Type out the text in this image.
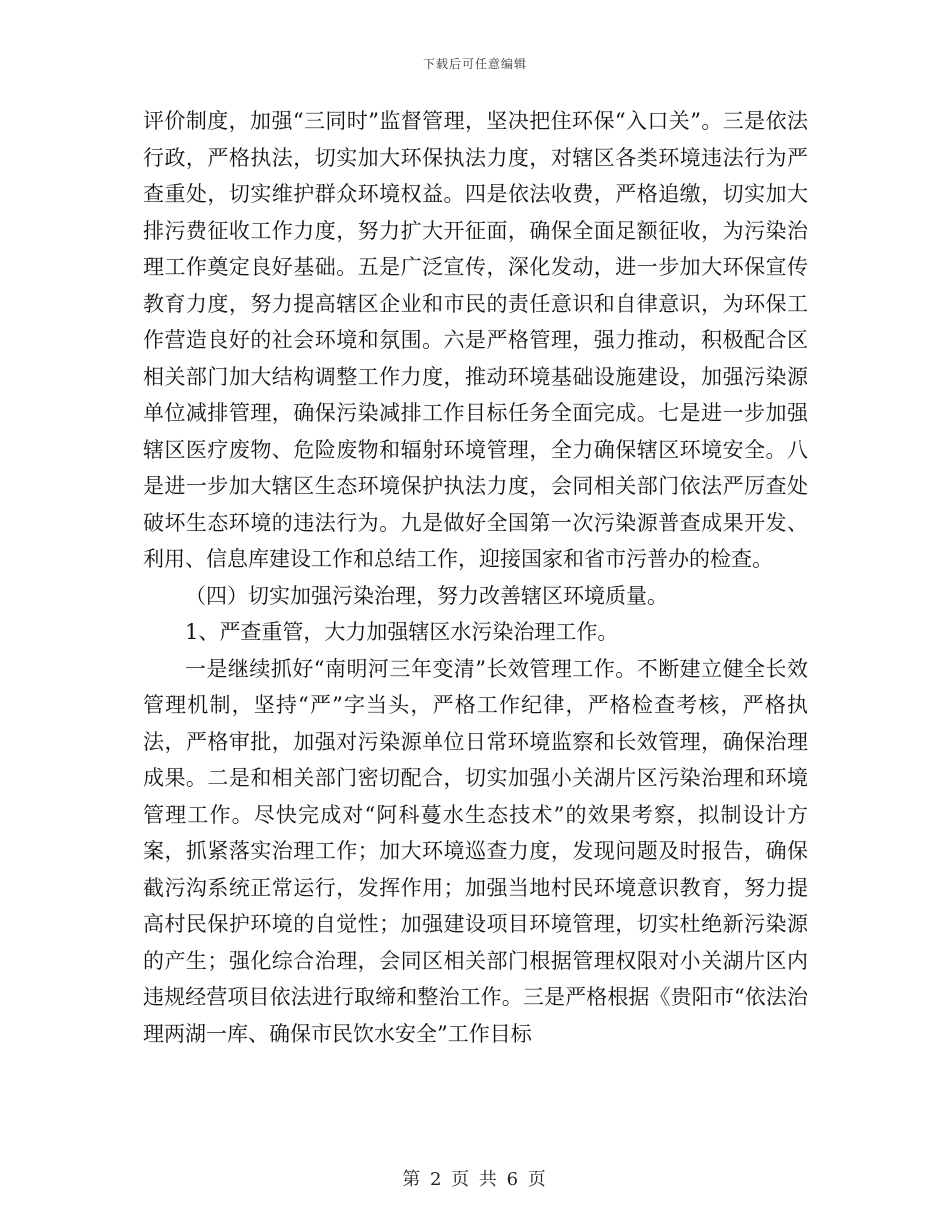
下载后可任意编辑

评价制度，加强“三同时”监督管理，坚决把住环保“入口关”。三是依法行政，严格执法，切实加大环保执法力度，对辖区各类环境违法行为严查重处，切实维护群众环境权益。四是依法收费，严格追缴，切实加大排污费征收工作力度，努力扩大开征面，确保全面足额征收，为污染治理工作奠定良好基础。五是广泛宣传，深化发动，进一步加大环保宣传教育力度，努力提高辖区企业和市民的责任意识和自律意识，为环保工作营造良好的社会环境和氛围。六是严格管理，强力推动，积极配合区相关部门加大结构调整工作力度，推动环境基础设施建设，加强污染源单位减排管理，确保污染减排工作目标任务全面完成。七是进一步加强辖区医疗废物、危险废物和辐射环境管理，全力确保辖区环境安全。八是进一步加大辖区生态环境保护执法力度，会同相关部门依法严厉查处破坏生态环境的违法行为。九是做好全国第一次污染源普查成果开发、利用、信息库建设工作和总结工作，迎接国家和省市污普办的检查。

（四）切实加强污染治理，努力改善辖区环境质量。

1、严查重管，大力加强辖区水污染治理工作。

一是继续抓好“南明河三年变清”长效管理工作。不断建立健全长效管理机制，坚持“严”字当头，严格工作纪律，严格检查考核，严格执法，严格审批，加强对污染源单位日常环境监察和长效管理，确保治理成果。二是和相关部门密切配合，切实加强小关湖片区污染治理和环境管理工作。尽快完成对“阿科蔓水生态技术”的效果考察，拟制设计方案，抓紧落实治理工作；加大环境巡查力度，发现问题及时报告，确保截污沟系统正常运行，发挥作用；加强当地村民环境意识教育，努力提高村民保护环境的自觉性；加强建设项目环境管理，切实杜绝新污染源的产生；强化综合治理，会同区相关部门根据管理权限对小关湖片区内违规经营项目依法进行取缔和整治工作。三是严格根据《贵阳市“依法治理两湖一库、确保市民饮水安全”工作目标

第 2 页 共 6 页
